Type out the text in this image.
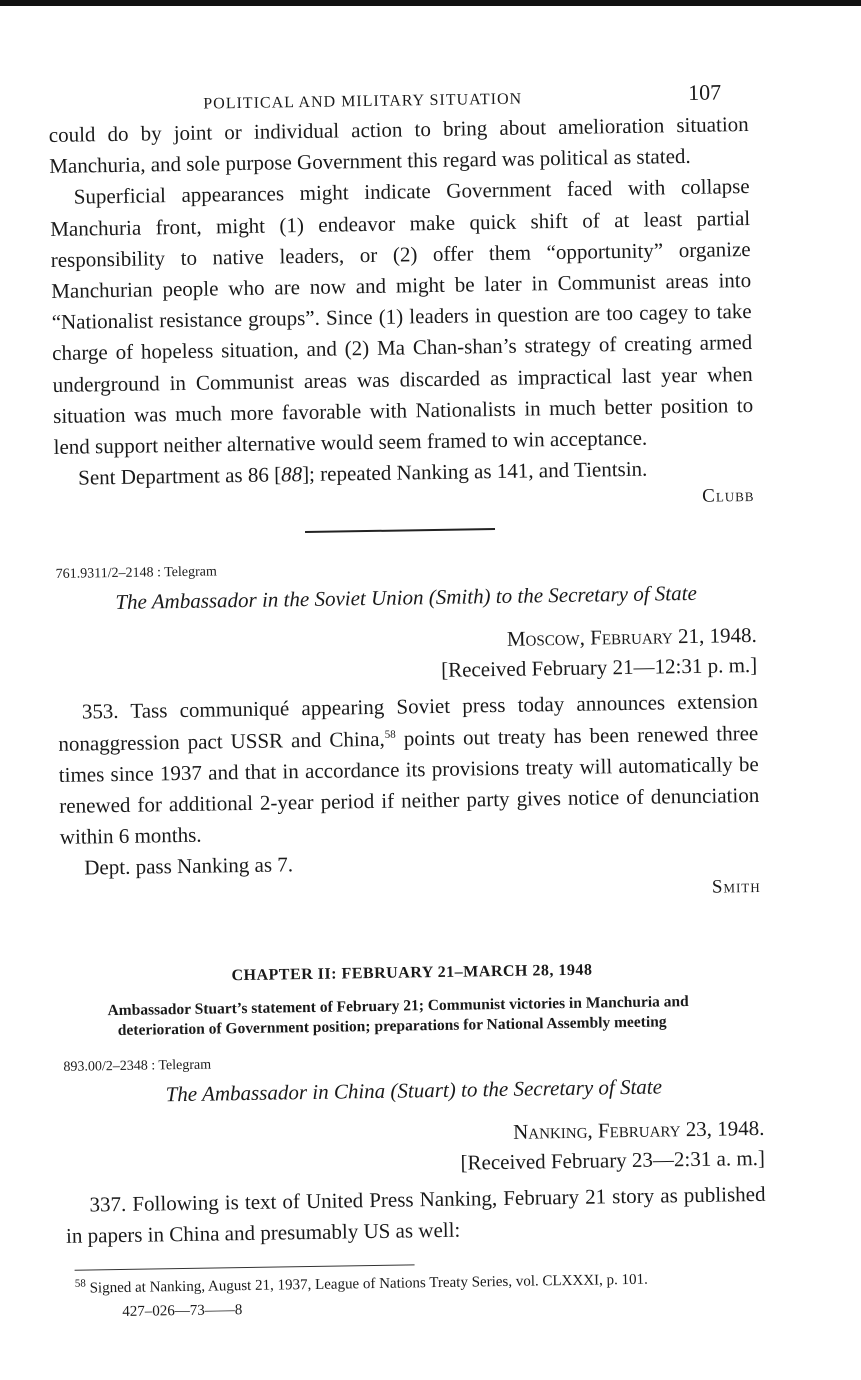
POLITICAL AND MILITARY SITUATION	107

could do by joint or individual action to bring about amelioration situation Manchuria, and sole purpose Government this regard was political as stated.

Superficial appearances might indicate Government faced with collapse Manchuria front, might (1) endeavor make quick shift of at least partial responsibility to native leaders, or (2) offer them “opportunity” organize Manchurian people who are now and might be later in Communist areas into “Nationalist resistance groups”. Since (1) leaders in question are too cagey to take charge of hopeless situation, and (2) Ma Chan-shan’s strategy of creating armed underground in Communist areas was discarded as impractical last year when situation was much more favorable with Nationalists in much better position to lend support neither alternative would seem framed to win acceptance.

Sent Department as 86 [88]; repeated Nanking as 141, and Tientsin.

Clubb

761.9311/2–2148 : Telegram

The Ambassador in the Soviet Union (Smith) to the Secretary of State

Moscow, February 21, 1948.

[Received February 21—12:31 p. m.]

353. Tass communiqué appearing Soviet press today announces extension nonaggression pact USSR and China,$^{58}$ points out treaty has been renewed three times since 1937 and that in accordance its provisions treaty will automatically be renewed for additional 2-year period if neither party gives notice of denunciation within 6 months.

Dept. pass Nanking as 7.

Smith

CHAPTER II: FEBRUARY 21–MARCH 28, 1948

Ambassador Stuart’s statement of February 21; Communist victories in Manchuria and deterioration of Government position; preparations for National Assembly meeting

893.00/2–2348 : Telegram

The Ambassador in China (Stuart) to the Secretary of State

Nanking, February 23, 1948.

[Received February 23—2:31 a. m.]

337. Following is text of United Press Nanking, February 21 story as published in papers in China and presumably US as well:

$^{58}$ Signed at Nanking, August 21, 1937, League of Nations Treaty Series, vol. CLXXXI, p. 101.

427–026—73——8
